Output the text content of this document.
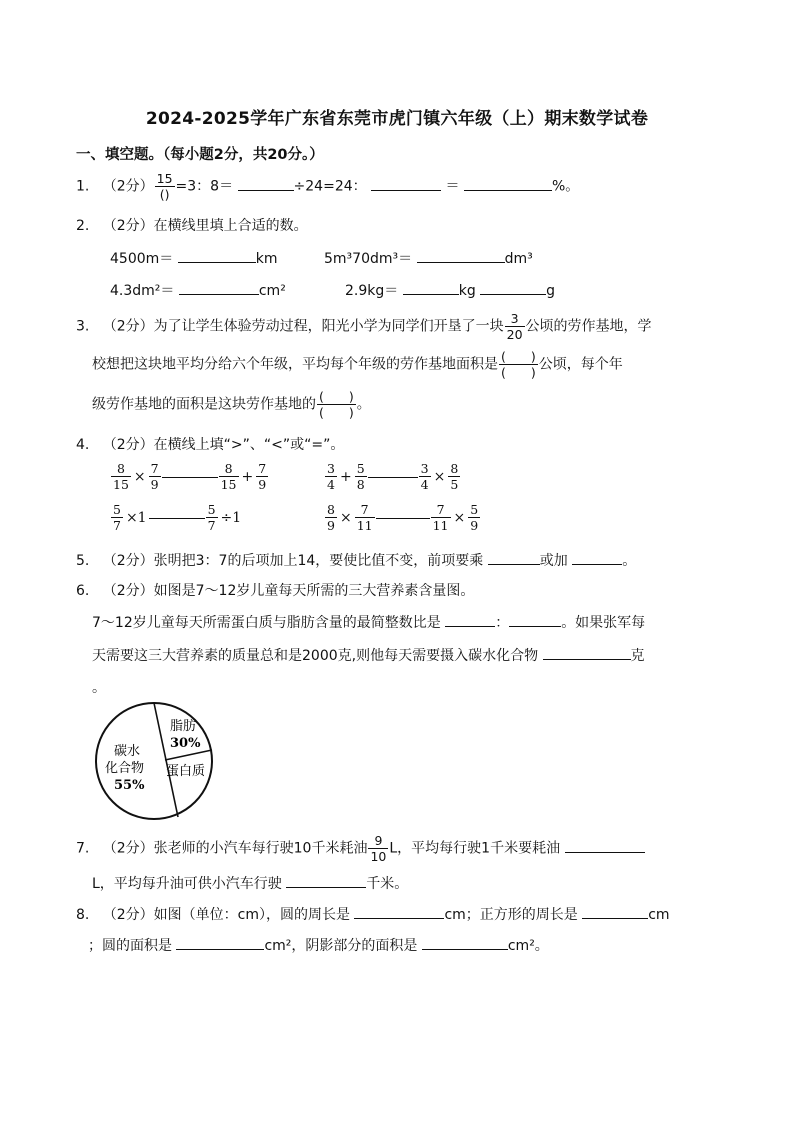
2024-2025学年广东省东莞市虎门镇六年级（上）期末数学试卷
一、填空题。（每小题2分，共20分。）
1. （2分） $\frac{15}{()} =3$：8＝	÷24=24：	＝	%。
2. （2分）在横线里填上合适的数。
4500m＝	km	5m³70dm³＝	dm³
4.3dm²＝	cm²	2.9kg＝	kg	g
3. （2分）为了让学生体验劳动过程，阳光小学为同学们开垦了一块 $\frac{3}{20}$ 公顷的劳作基地，学
校想把这块地平均分给六个年级，平均每个年级的劳作基地面积是 $\frac{( )}{( )}$ 公顷，每个年
级劳作基地的面积是这块劳作基地的 $\frac{( )}{( )}$ 。
4. （2分）在横线上填“>”、“<”或“=”。
$\frac{8}{15} \times \frac{7}{9}$	$\frac{8}{15} + \frac{7}{9}$	$\frac{3}{4} + \frac{5}{8}$	$\frac{3}{4} \times \frac{8}{5}$
$\frac{5}{7} \times 1$	$\frac{5}{7} \div 1$	$\frac{8}{9} \times \frac{7}{11}$	$\frac{7}{11} \times \frac{5}{9}$
5. （2分）张明把3：7的后项加上14，要使比值不变，前项要乘	或加	。
6. （2分）如图是7～12岁儿童每天所需的三大营养素含量图。
7～12岁儿童每天所需蛋白质与脂肪含量的最简整数比是	：	。如果张军每
天需要这三大营养素的质量总和是2000克,则他每天需要摄入碳水化合物	克
。
脂肪
30%
碳水
化合物
55%
蛋白质
7. （2分）张老师的小汽车每行驶10千米耗油 $\frac{9}{10}$ L，平均每行驶1千米要耗油
L，平均每升油可供小汽车行驶	千米。
8. （2分）如图（单位：cm），圆的周长是	cm；正方形的周长是	cm
；圆的面积是	cm²，阴影部分的面积是	cm²。
